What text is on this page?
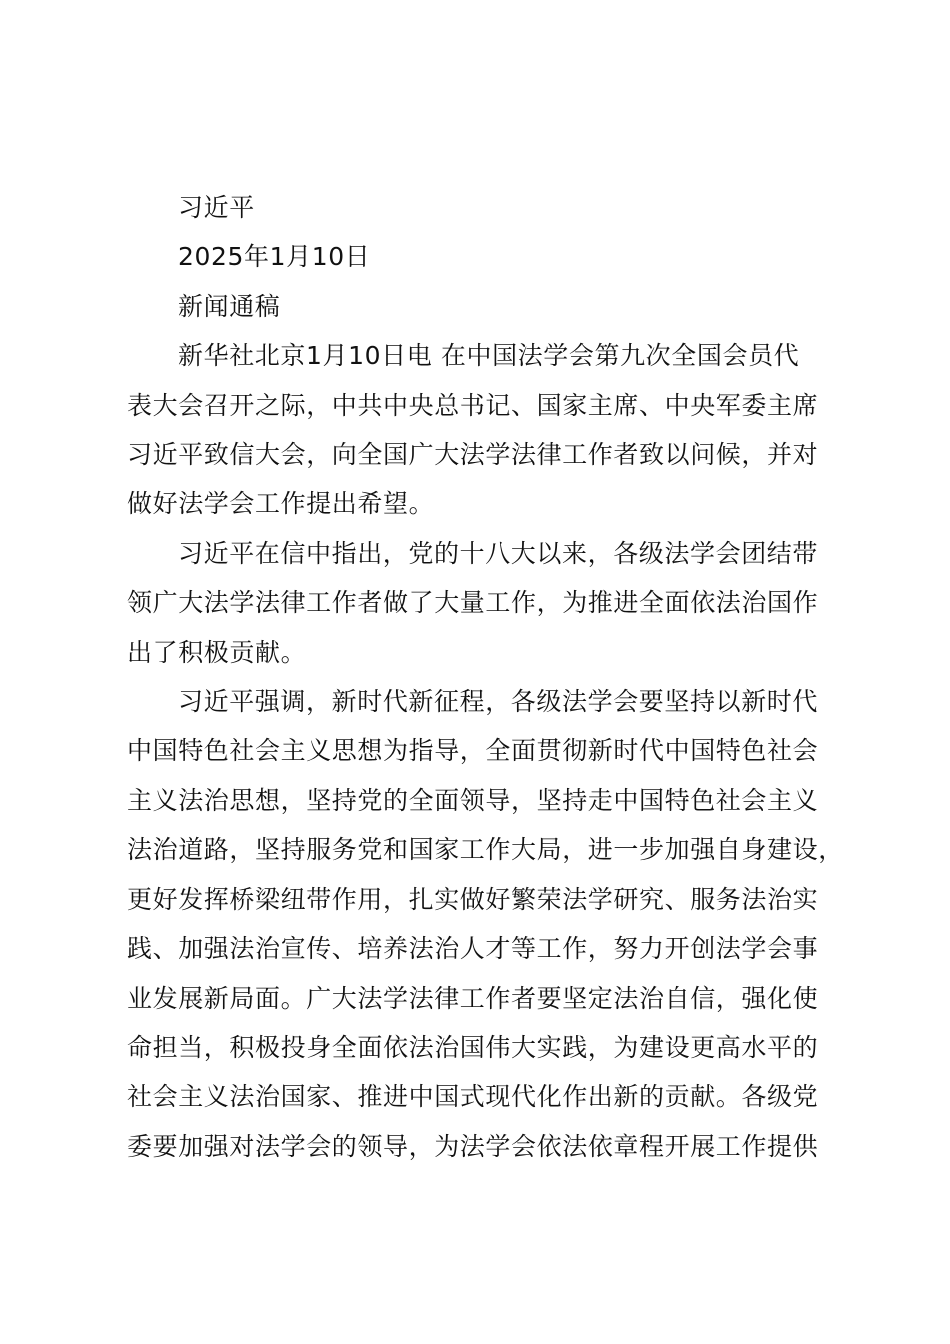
习近平

2025年1月10日

新闻通稿

新华社北京1月10日电 在中国法学会第九次全国会员代
表大会召开之际，中共中央总书记、国家主席、中央军委主席
习近平致信大会，向全国广大法学法律工作者致以问候，并对
做好法学会工作提出希望。

习近平在信中指出，党的十八大以来，各级法学会团结带
领广大法学法律工作者做了大量工作，为推进全面依法治国作
出了积极贡献。

习近平强调，新时代新征程，各级法学会要坚持以新时代
中国特色社会主义思想为指导，全面贯彻新时代中国特色社会
主义法治思想，坚持党的全面领导，坚持走中国特色社会主义
法治道路，坚持服务党和国家工作大局，进一步加强自身建设，
更好发挥桥梁纽带作用，扎实做好繁荣法学研究、服务法治实
践、加强法治宣传、培养法治人才等工作，努力开创法学会事
业发展新局面。广大法学法律工作者要坚定法治自信，强化使
命担当，积极投身全面依法治国伟大实践，为建设更高水平的
社会主义法治国家、推进中国式现代化作出新的贡献。各级党
委要加强对法学会的领导，为法学会依法依章程开展工作提供
